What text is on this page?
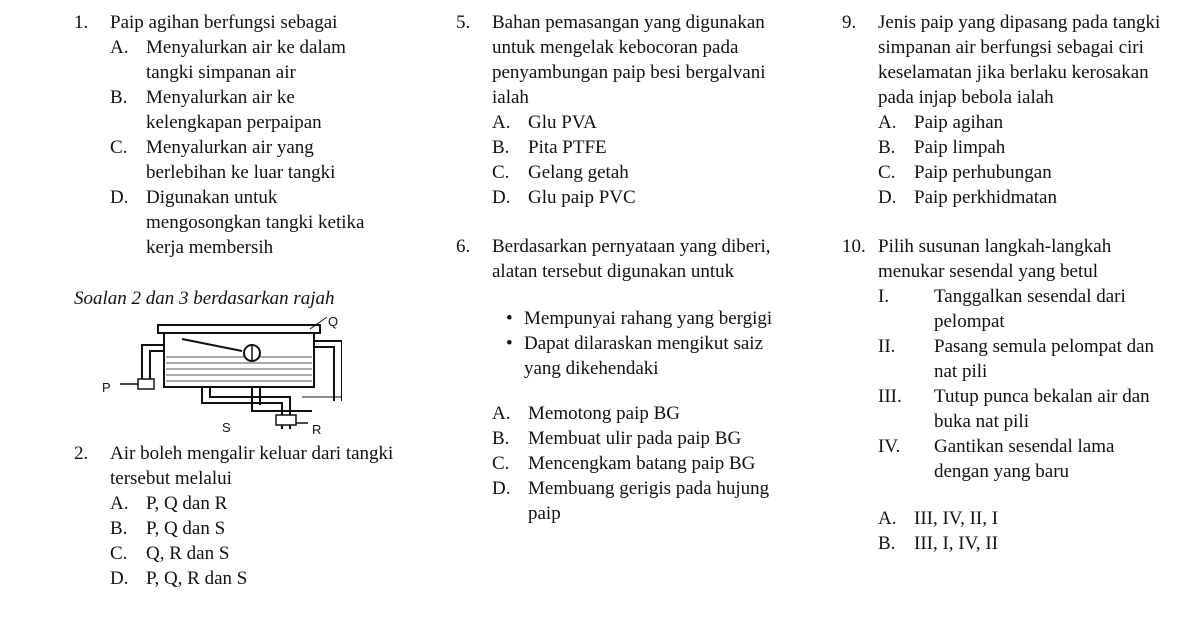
1. Paip agihan berfungsi sebagai
A. Menyalurkan air ke dalam tangki simpanan air
B. Menyalurkan air ke kelengkapan perpaipan
C. Menyalurkan air yang berlebihan ke luar tangki
D. Digunakan untuk mengosongkan tangki ketika kerja membersih
Soalan 2 dan 3 berdasarkan rajah
P
Q
S	R
2. Air boleh mengalir keluar dari tangki tersebut melalui
A. P, Q dan R
B. P, Q dan S
C. Q, R dan S
D. P, Q, R dan S
5. Bahan pemasangan yang digunakan untuk mengelak kebocoran pada penyambungan paip besi bergalvani ialah
A. Glu PVA
B. Pita PTFE
C. Gelang getah
D. Glu paip PVC
6. Berdasarkan pernyataan yang diberi, alatan tersebut digunakan untuk
• Mempunyai rahang yang bergigi
• Dapat dilaraskan mengikut saiz yang dikehendaki
A. Memotong paip BG
B. Membuat ulir pada paip BG
C. Mencengkam batang paip BG
D. Membuang gerigis pada hujung paip
9. Jenis paip yang dipasang pada tangki simpanan air berfungsi sebagai ciri keselamatan jika berlaku kerosakan pada injap bebola ialah
A. Paip agihan
B. Paip limpah
C. Paip perhubungan
D. Paip perkhidmatan
10. Pilih susunan langkah-langkah menukar sesendal yang betul
I. Tanggalkan sesendal dari pelompat
II. Pasang semula pelompat dan nat pili
III. Tutup punca bekalan air dan buka nat pili
IV. Gantikan sesendal lama dengan yang baru
A. III, IV, II, I
B. III, I, IV, II
